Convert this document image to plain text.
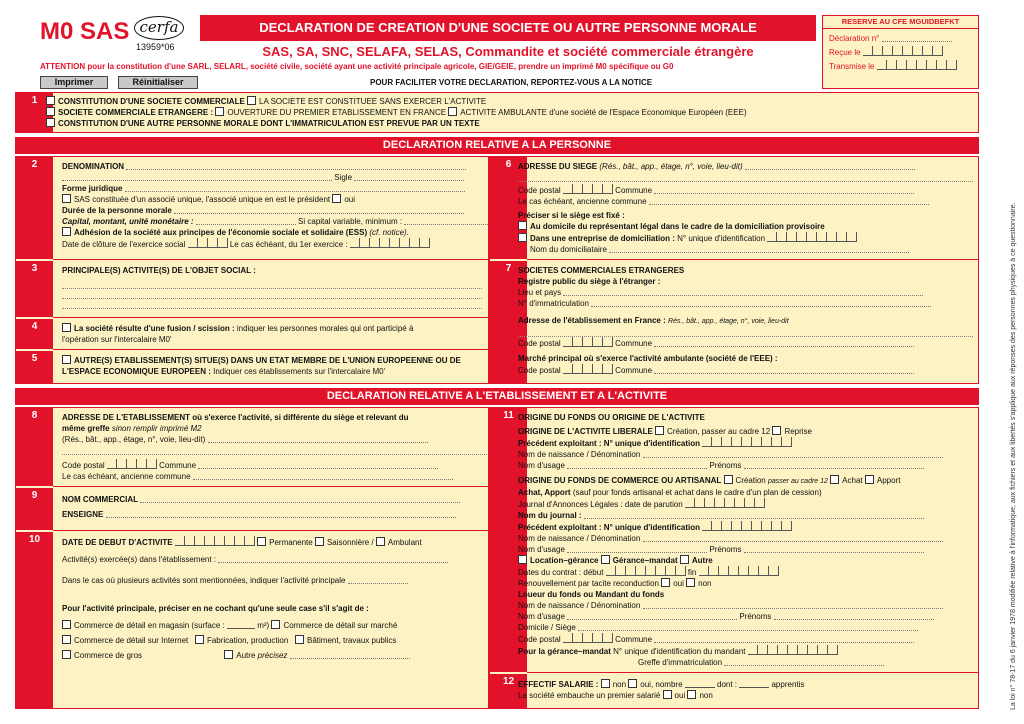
M0 SAS cerfa
13959*06
DECLARATION DE CREATION D'UNE SOCIETE OU AUTRE PERSONNE MORALE
SAS, SA, SNC, SELAFA, SELAS, Commandite et société commerciale étrangère
ATTENTION pour la constitution d'une SARL, SELARL, société civile, société ayant une activité principale agricole, GIE/GEIE, prendre un imprimé M0 spécifique ou G0
Imprimer	Réinitialiser	POUR FACILITER VOTRE DECLARATION, REPORTEZ-VOUS A LA NOTICE
RESERVE AU CFE MGUIDBEFKT
Déclaration n°
Reçue le
Transmise le
La loi n° 78-17 du 6 janvier 1978 modifiée relative à l'informatique, aux fichiers et aux libertés s'applique aux réponses des personnes physiques à ce questionnaire.
1	CONSTITUTION D'UNE SOCIETE COMMERCIALE LA SOCIETE EST CONSTITUEE SANS EXERCER L'ACTIVITE
SOCIETE COMMERCIALE ETRANGERE : OUVERTURE DU PREMIER ETABLISSEMENT EN FRANCE ACTIVITE AMBULANTE d'une société de l'Espace Economique Européen (EEE)
CONSTITUTION D'UNE AUTRE PERSONNE MORALE DONT L'IMMATRICULATION EST PREVUE PAR UN TEXTE
DECLARATION RELATIVE A LA PERSONNE
2
3
4
5
DENOMINATION
Sigle
Forme juridique
SAS constituée d'un associé unique, l'associé unique en est le président oui
Durée de la personne morale
Capital, montant, unité monétaire :	Si capital variable, minimum :
Adhésion de la société aux principes de l'économie sociale et solidaire (ESS) (cf. notice).
Date de clôture de l'exercice social	Le cas échéant, du 1er exercice :
PRINCIPALE(S) ACTIVITE(S) DE L'OBJET SOCIAL :
La société résulte d'une fusion / scission : indiquer les personnes morales qui ont participé à
l'opération sur l'intercalaire M0'
AUTRE(S) ETABLISSEMENT(S) SITUE(S) DANS UN ETAT MEMBRE DE L'UNION EUROPEENNE OU DE
L'ESPACE ECONOMIQUE EUROPEEN : Indiquer ces établissements sur l'intercalaire M0'
6
7
ADRESSE DU SIEGE (Rés., bât., app., étage, n°, voie, lieu-dit)
Code postal	Commune
Le cas échéant, ancienne commune
Préciser si le siège est fixé :
Au domicile du représentant légal dans le cadre de la domiciliation provisoire
Dans une entreprise de domiciliation : N° unique d'identification
Nom du domiciliataire
SOCIETES COMMERCIALES ETRANGERES
Registre public du siège à l'étranger :
Lieu et pays
N° d'immatriculation
Adresse de l'établissement en France : Rés., bât., app., étage, n°, voie, lieu-dit
Code postal	Commune
Marché principal où s'exerce l'activité ambulante (société de l'EEE) :
Code postal	Commune
DECLARATION RELATIVE A L'ETABLISSEMENT ET A L'ACTIVITE
8
9
10
ADRESSE DE L'ETABLISSEMENT où s'exerce l'activité, si différente du siège et relevant du
même greffe sinon remplir imprimé M2
(Rés., bât., app., étage, n°, voie, lieu-dit)
Code postal	Commune
Le cas échéant, ancienne commune
NOM COMMERCIAL
ENSEIGNE
DATE DE DEBUT D'ACTIVITE	Permanente Saisonnière / Ambulant
Activité(s) exercée(s) dans l'établissement :
Dans le cas où plusieurs activités sont mentionnées, indiquer l'activité principale
Pour l'activité principale, préciser en ne cochant qu'une seule case s'il s'agit de :
Commerce de détail en magasin (surface :	m²) Commerce de détail sur marché
Commerce de détail sur Internet Fabrication, production Bâtiment, travaux publics
Commerce de gros	Autre précisez
11
12
ORIGINE DU FONDS OU ORIGINE DE L'ACTIVITE
ORIGINE DE L'ACTIVITE LIBERALE Création, passer au cadre 12 Reprise
Précédent exploitant : N° unique d'identification
Nom de naissance / Dénomination
Nom d'usage	Prénoms
ORIGINE DU FONDS DE COMMERCE OU ARTISANAL Création passer au cadre 12 Achat Apport
Achat, Apport (sauf pour fonds artisanal et achat dans le cadre d'un plan de cession)
Journal d'Annonces Légales : date de parution
Nom du journal :
Précédent exploitant : N° unique d'identification
Nom de naissance / Dénomination
Nom d'usage	Prénoms
Location–gérance Gérance–mandat Autre
Dates du contrat : début	fin
Renouvellement par tacite reconduction oui non
Loueur du fonds ou Mandant du fonds
Nom de naissance / Dénomination
Nom d'usage	Prénoms
Domicile / Siège
Code postal	Commune
Pour la gérance–mandat N° unique d'identification du mandant
Greffe d'immatriculation
EFFECTIF SALARIE : non oui, nombre	dont :	apprentis
La société embauche un premier salarié oui non
